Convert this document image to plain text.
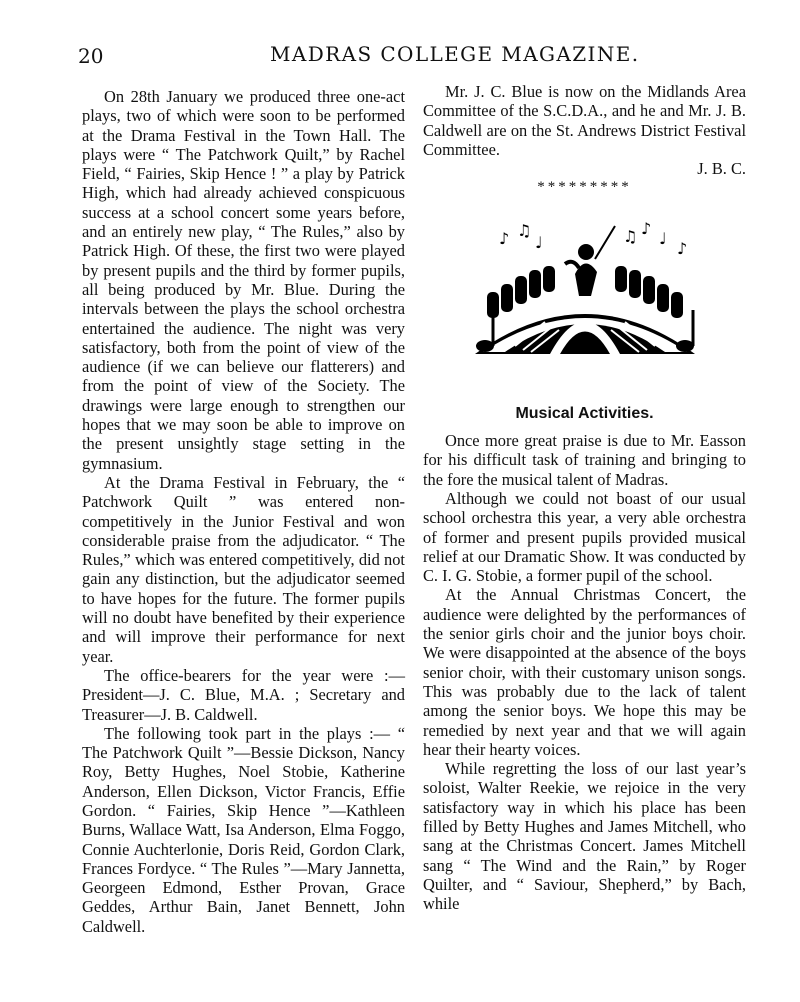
20	MADRAS COLLEGE MAGAZINE.

On 28th January we produced three one-act plays, two of which were soon to be performed at the Drama Festival in the Town Hall. The plays were “ The Patchwork Quilt,” by Rachel Field, “ Fairies, Skip Hence ! ” a play by Patrick High, which had already achieved conspicuous success at a school concert some years before, and an entirely new play, “ The Rules,” also by Patrick High. Of these, the first two were played by present pupils and the third by former pupils, all being produced by Mr. Blue. During the intervals between the plays the school orchestra entertained the audience. The night was very satisfactory, both from the point of view of the audience (if we can believe our flatterers) and from the point of view of the Society. The drawings were large enough to strengthen our hopes that we may soon be able to improve on the present unsightly stage setting in the gymnasium.

At the Drama Festival in February, the “ Patchwork Quilt ” was entered non-competitively in the Junior Festival and won considerable praise from the adjudicator. “ The Rules,” which was entered competitively, did not gain any distinction, but the adjudicator seemed to have hopes for the future. The former pupils will no doubt have benefited by their experience and will improve their performance for next year.

The office-bearers for the year were :— President—J. C. Blue, M.A. ; Secretary and Treasurer—J. B. Caldwell.

The following took part in the plays :— “ The Patchwork Quilt ”—Bessie Dickson, Nancy Roy, Betty Hughes, Noel Stobie, Katherine Anderson, Ellen Dickson, Victor Francis, Effie Gordon. “ Fairies, Skip Hence ”—Kathleen Burns, Wallace Watt, Isa Anderson, Elma Foggo, Connie Auchterlonie, Doris Reid, Gordon Clark, Frances Fordyce. “ The Rules ”—Mary Jannetta, Georgeen Edmond, Esther Provan, Grace Geddes, Arthur Bain, Janet Bennett, John Caldwell.

Mr. J. C. Blue is now on the Midlands Area Committee of the S.C.D.A., and he and Mr. J. B. Caldwell are on the St. Andrews District Festival Committee.

J. B. C.

*********

♪ ♫
♩	♫ ♪
♩
♪
Musical Activities.

Once more great praise is due to Mr. Easson for his difficult task of training and bringing to the fore the musical talent of Madras.

Although we could not boast of our usual school orchestra this year, a very able orchestra of former and present pupils provided musical relief at our Dramatic Show. It was conducted by C. I. G. Stobie, a former pupil of the school.

At the Annual Christmas Concert, the audience were delighted by the performances of the senior girls choir and the junior boys choir. We were disappointed at the absence of the boys senior choir, with their customary unison songs. This was probably due to the lack of talent among the senior boys. We hope this may be remedied by next year and that we will again hear their hearty voices.

While regretting the loss of our last year’s soloist, Walter Reekie, we rejoice in the very satisfactory way in which his place has been filled by Betty Hughes and James Mitchell, who sang at the Christmas Concert. James Mitchell sang “ The Wind and the Rain,” by Roger Quilter, and “ Saviour, Shepherd,” by Bach, while
